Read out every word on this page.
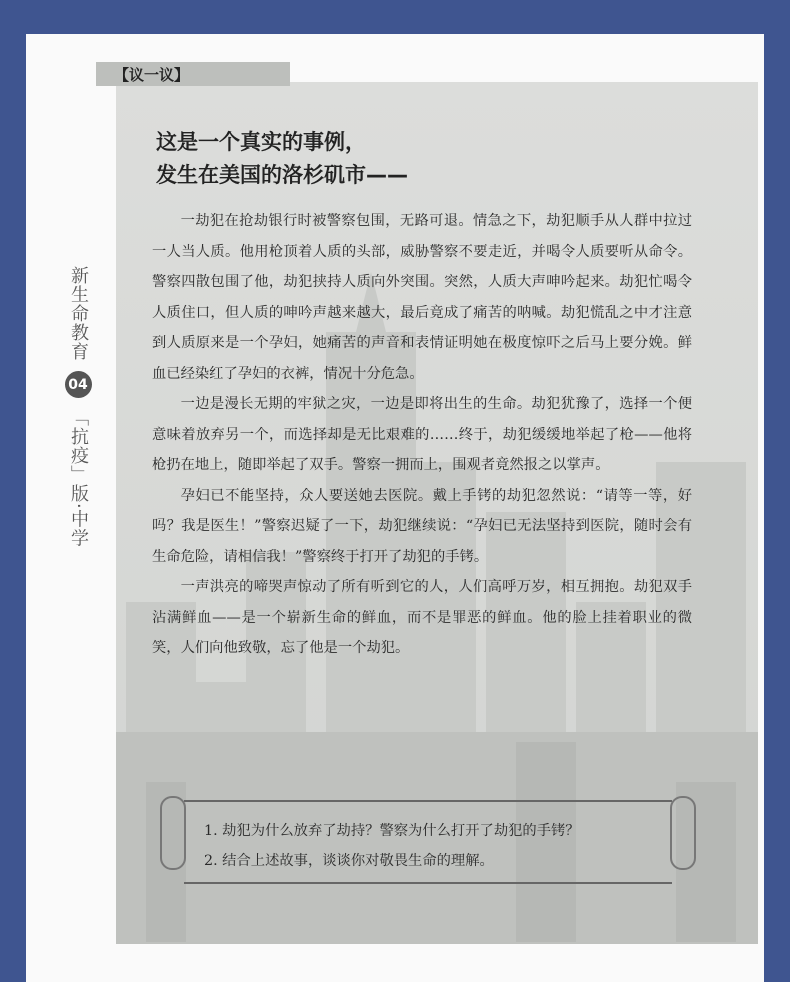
新生命教育
04
「抗疫」版·中学
【议一议】
这是一个真实的事例，
发生在美国的洛杉矶市——

一劫犯在抢劫银行时被警察包围，无路可退。情急之下，劫犯顺手从人群中拉过一人当人质。他用枪顶着人质的头部，威胁警察不要走近，并喝令人质要听从命令。警察四散包围了他，劫犯挟持人质向外突围。突然，人质大声呻吟起来。劫犯忙喝令人质住口，但人质的呻吟声越来越大，最后竟成了痛苦的呐喊。劫犯慌乱之中才注意到人质原来是一个孕妇，她痛苦的声音和表情证明她在极度惊吓之后马上要分娩。鲜血已经染红了孕妇的衣裤，情况十分危急。

一边是漫长无期的牢狱之灾，一边是即将出生的生命。劫犯犹豫了，选择一个便意味着放弃另一个，而选择却是无比艰难的……终于，劫犯缓缓地举起了枪——他将枪扔在地上，随即举起了双手。警察一拥而上，围观者竟然报之以掌声。

孕妇已不能坚持，众人要送她去医院。戴上手铐的劫犯忽然说：“请等一等，好吗？我是医生！”警察迟疑了一下，劫犯继续说：“孕妇已无法坚持到医院，随时会有生命危险，请相信我！”警察终于打开了劫犯的手铐。

一声洪亮的啼哭声惊动了所有听到它的人，人们高呼万岁，相互拥抱。劫犯双手沾满鲜血——是一个崭新生命的鲜血，而不是罪恶的鲜血。他的脸上挂着职业的微笑，人们向他致敬，忘了他是一个劫犯。

1. 劫犯为什么放弃了劫持？警察为什么打开了劫犯的手铐？
2. 结合上述故事，谈谈你对敬畏生命的理解。
